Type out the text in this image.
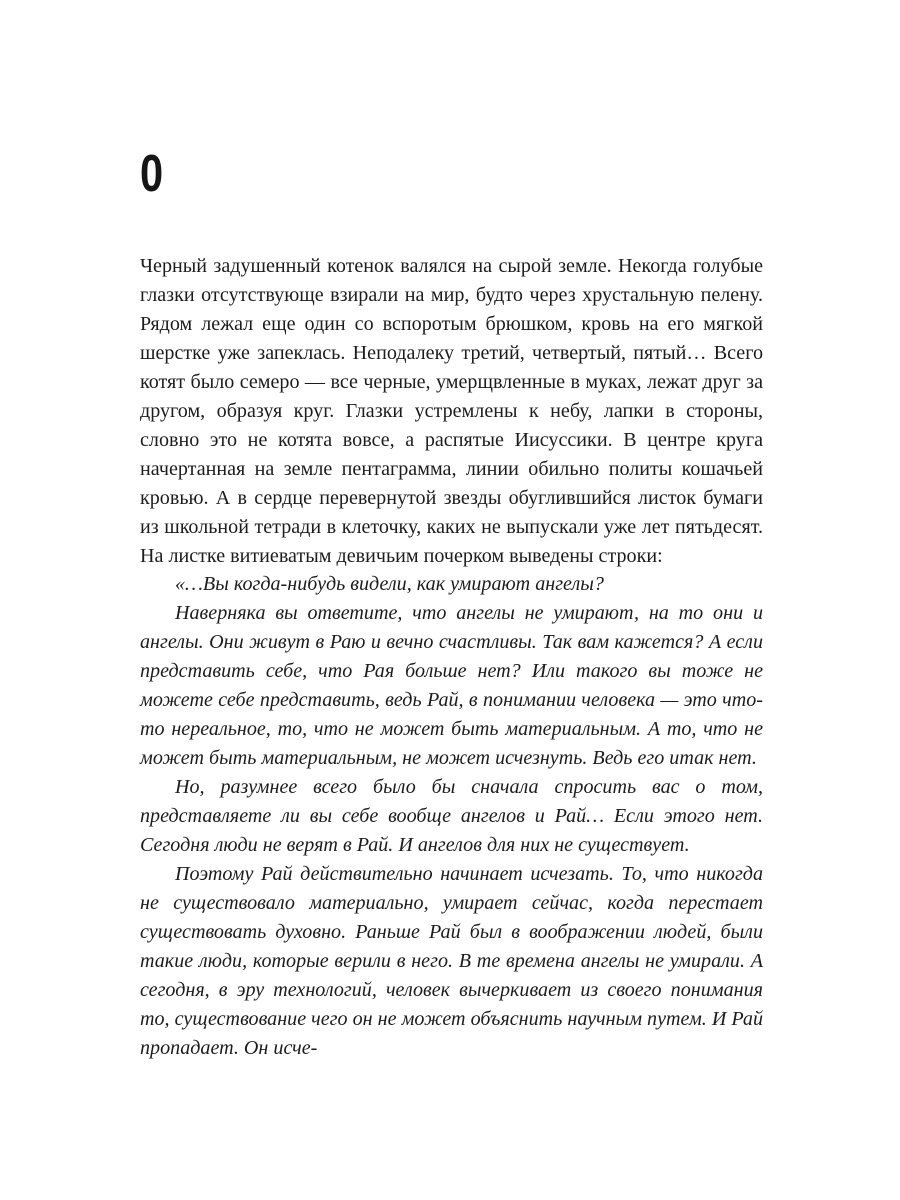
0

Черный задушенный котенок валялся на сырой земле. Некогда голубые глазки отсутствующе взирали на мир, будто через хрустальную пелену. Рядом лежал еще один со вспоротым брюшком, кровь на его мягкой шерстке уже запеклась. Неподалеку третий, четвертый, пятый… Всего котят было семеро — все черные, умерщвленные в муках, лежат друг за другом, образуя круг. Глазки устремлены к небу, лапки в стороны, словно это не котята вовсе, а распятые Иисуссики. В центре круга начертанная на земле пентаграмма, линии обильно политы кошачьей кровью. А в сердце перевернутой звезды обуглившийся листок бумаги из школьной тетради в клеточку, каких не выпускали уже лет пятьдесят. На листке витиеватым девичьим почерком выведены строки:

«…Вы когда-нибудь видели, как умирают ангелы?

Наверняка вы ответите, что ангелы не умирают, на то они и ангелы. Они живут в Раю и вечно счастливы. Так вам кажется? А если представить себе, что Рая больше нет? Или такого вы тоже не можете себе представить, ведь Рай, в понимании человека — это что-то нереальное, то, что не может быть материальным. А то, что не может быть материальным, не может исчезнуть. Ведь его итак нет.

Но, разумнее всего было бы сначала спросить вас о том, представляете ли вы себе вообще ангелов и Рай… Если этого нет. Сегодня люди не верят в Рай. И ангелов для них не существует.

Поэтому Рай действительно начинает исчезать. То, что никогда не существовало материально, умирает сейчас, когда перестает существовать духовно. Раньше Рай был в воображении людей, были такие люди, которые верили в него. В те времена ангелы не умирали. А сегодня, в эру технологий, человек вычеркивает из своего понимания то, существование чего он не может объяснить научным путем. И Рай пропадает. Он исче-
